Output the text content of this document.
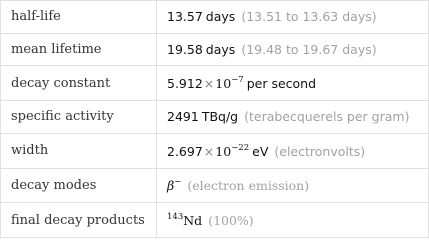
half-life	13.57 days (13.51 to 13.63 days)
mean lifetime	19.58 days (19.48 to 19.67 days)
decay constant	$5.912\times 10^{-7}$ per second
specific activity	2491 TBq/g (terabecquerels per gram)
width	$2.697\times 10^{-22}$ eV (electronvolts)
decay modes	β− (electron emission)
final decay products	$^{143}$Nd (100%)
